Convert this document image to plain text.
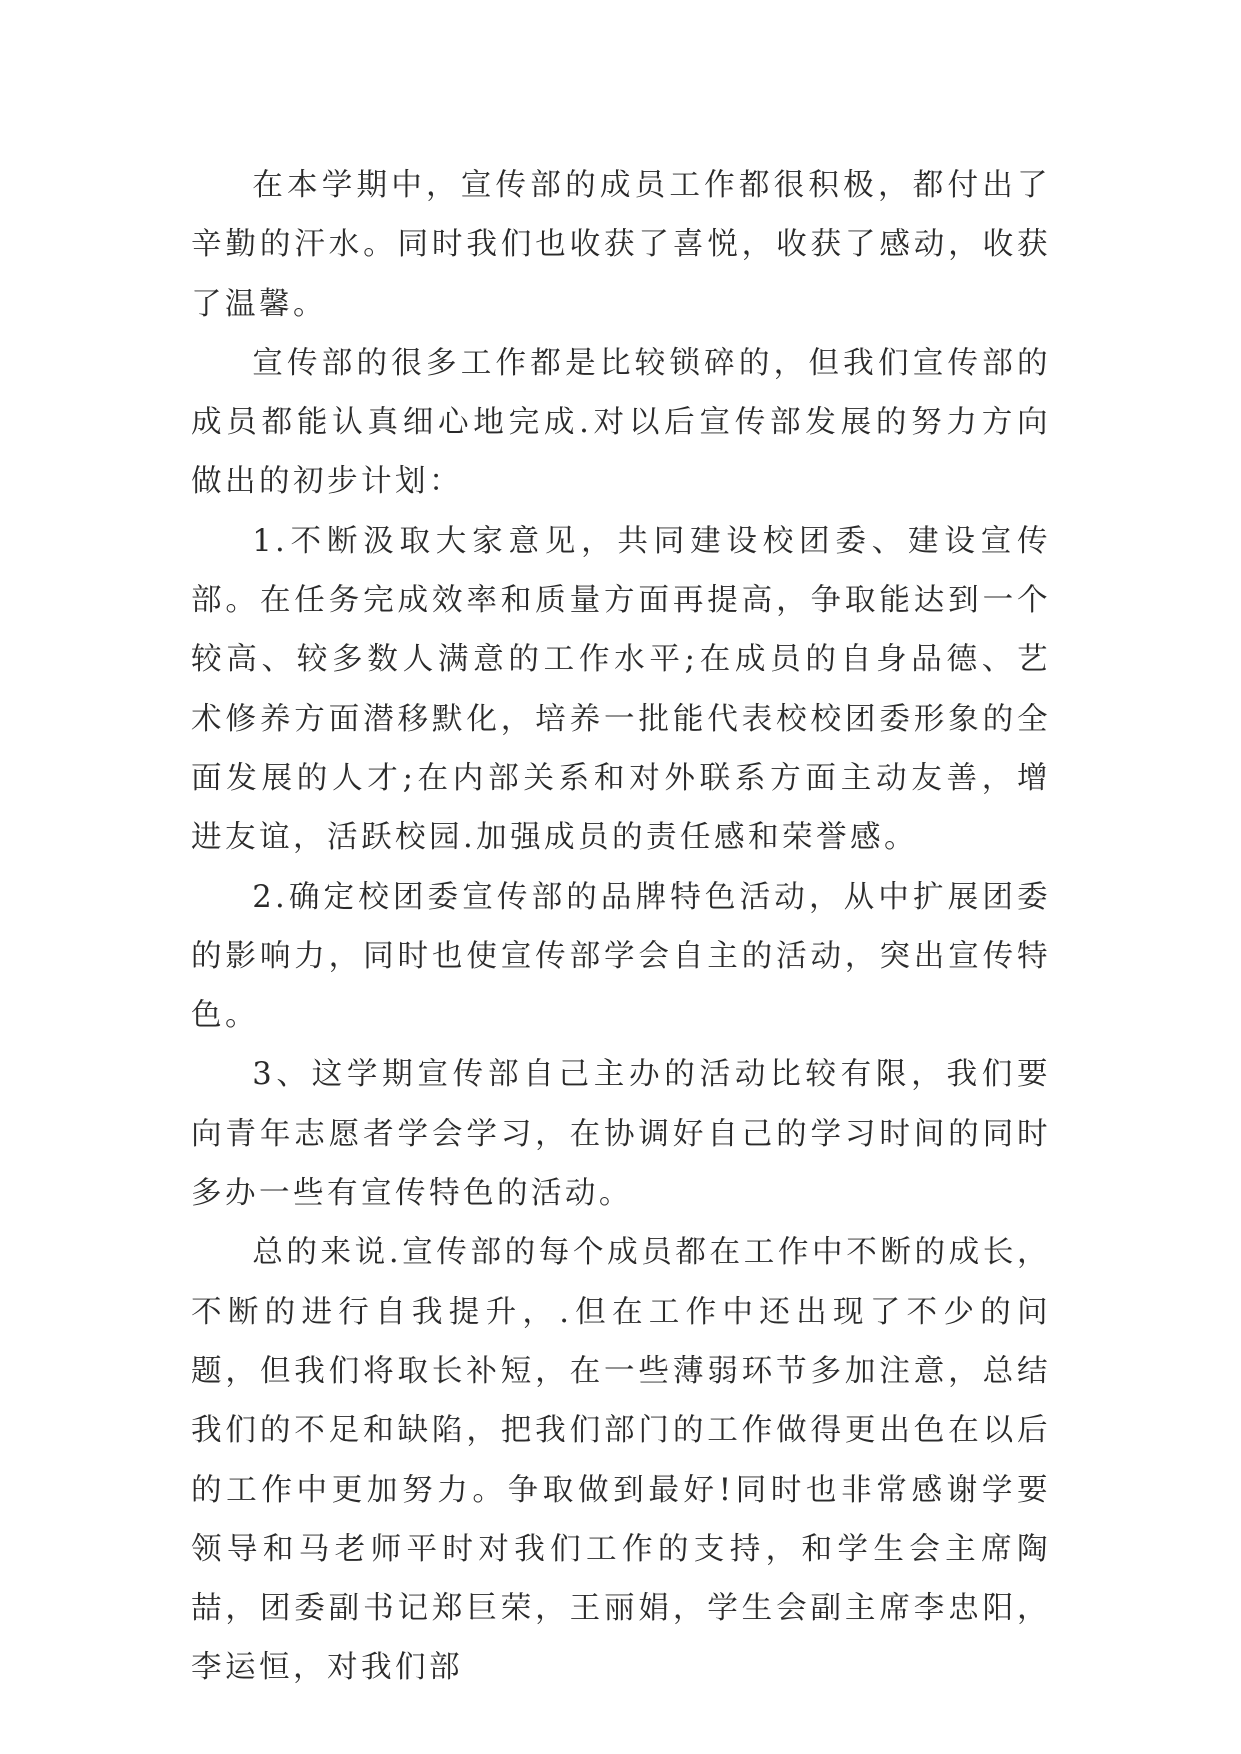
在本学期中，宣传部的成员工作都很积极，都付出了辛勤的汗水。同时我们也收获了喜悦，收获了感动，收获了温馨。

宣传部的很多工作都是比较锁碎的，但我们宣传部的成员都能认真细心地完成.对以后宣传部发展的努力方向做出的初步计划：

1.不断汲取大家意见，共同建设校团委、建设宣传部。在任务完成效率和质量方面再提高，争取能达到一个较高、较多数人满意的工作水平;在成员的自身品德、艺术修养方面潜移默化，培养一批能代表校校团委形象的全面发展的人才;在内部关系和对外联系方面主动友善，增进友谊，活跃校园.加强成员的责任感和荣誉感。

2.确定校团委宣传部的品牌特色活动，从中扩展团委的影响力，同时也使宣传部学会自主的活动，突出宣传特色。

3、这学期宣传部自己主办的活动比较有限，我们要向青年志愿者学会学习，在协调好自己的学习时间的同时多办一些有宣传特色的活动。

总的来说.宣传部的每个成员都在工作中不断的成长，不断的进行自我提升，.但在工作中还出现了不少的问题，但我们将取长补短，在一些薄弱环节多加注意，总结我们的不足和缺陷，把我们部门的工作做得更出色在以后的工作中更加努力。争取做到最好!同时也非常感谢学要领导和马老师平时对我们工作的支持，和学生会主席陶喆，团委副书记郑巨荣，王丽娟，学生会副主席李忠阳，李运恒，对我们部
